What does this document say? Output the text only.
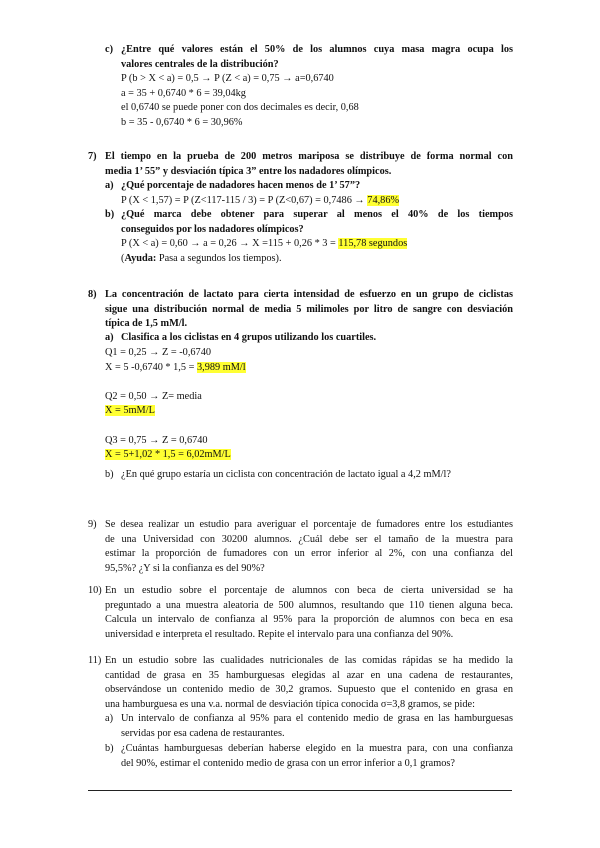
c) ¿Entre qué valores están el 50% de los alumnos cuya masa magra ocupa los
valores centrales de la distribución?
P (b > X < a) = 0,5 → P (Z < a) = 0,75 → a=0,6740
a = 35 + 0,6740 * 6 = 39,04kg
el 0,6740 se puede poner con dos decimales es decir, 0,68
b = 35 - 0,6740 * 6 = 30,96%
7) El tiempo en la prueba de 200 metros mariposa se distribuye de forma normal con
media 1’ 55” y desviación típica 3” entre los nadadores olímpicos.
a) ¿Qué porcentaje de nadadores hacen menos de 1’ 57”?
P (X < 1,57) = P (Z<117-115 / 3) = P (Z<0,67) = 0,7486 → 74,86%
b) ¿Qué marca debe obtener para superar al menos el 40% de los tiempos
conseguidos por los nadadores olímpicos?
P (X < a) = 0,60 → a = 0,26 → X =115 + 0,26 * 3 = 115,78 segundos
(Ayuda: Pasa a segundos los tiempos).
8) La concentración de lactato para cierta intensidad de esfuerzo en un grupo de ciclistas
sigue una distribución normal de media 5 milimoles por litro de sangre con desviación
típica de 1,5 mM/l.
a) Clasifica a los ciclistas en 4 grupos utilizando los cuartiles.
Q1 = 0,25 → Z = -0,6740
X = 5 -0,6740 * 1,5 = 3,989 mM/l

Q2 = 0,50 → Z= media
X = 5mM/L

Q3 = 0,75 → Z = 0,6740
X = 5+1,02 * 1,5 = 6,02mM/L
b) ¿En qué grupo estaría un ciclista con concentración de lactato igual a 4,2 mM/l?
9) Se desea realizar un estudio para averiguar el porcentaje de fumadores entre los estudiantes
de una Universidad con 30200 alumnos. ¿Cuál debe ser el tamaño de la muestra para
estimar la proporción de fumadores con un error inferior al 2%, con una confianza del
95,5%? ¿Y si la confianza es del 90%?
10) En un estudio sobre el porcentaje de alumnos con beca de cierta universidad se ha
preguntado a una muestra aleatoria de 500 alumnos, resultando que 110 tienen alguna beca.
Calcula un intervalo de confianza al 95% para la proporción de alumnos con beca en esa
universidad e interpreta el resultado. Repite el intervalo para una confianza del 90%.
11) En un estudio sobre las cualidades nutricionales de las comidas rápidas se ha medido la
cantidad de grasa en 35 hamburguesas elegidas al azar en una cadena de restaurantes,
observándose un contenido medio de 30,2 gramos. Supuesto que el contenido en grasa en
una hamburguesa es una v.a. normal de desviación típica conocida σ=3,8 gramos, se pide:
a) Un intervalo de confianza al 95% para el contenido medio de grasa en las hamburguesas
servidas por esa cadena de restaurantes.
b) ¿Cuántas hamburguesas deberían haberse elegido en la muestra para, con una confianza
del 90%, estimar el contenido medio de grasa con un error inferior a 0,1 gramos?
